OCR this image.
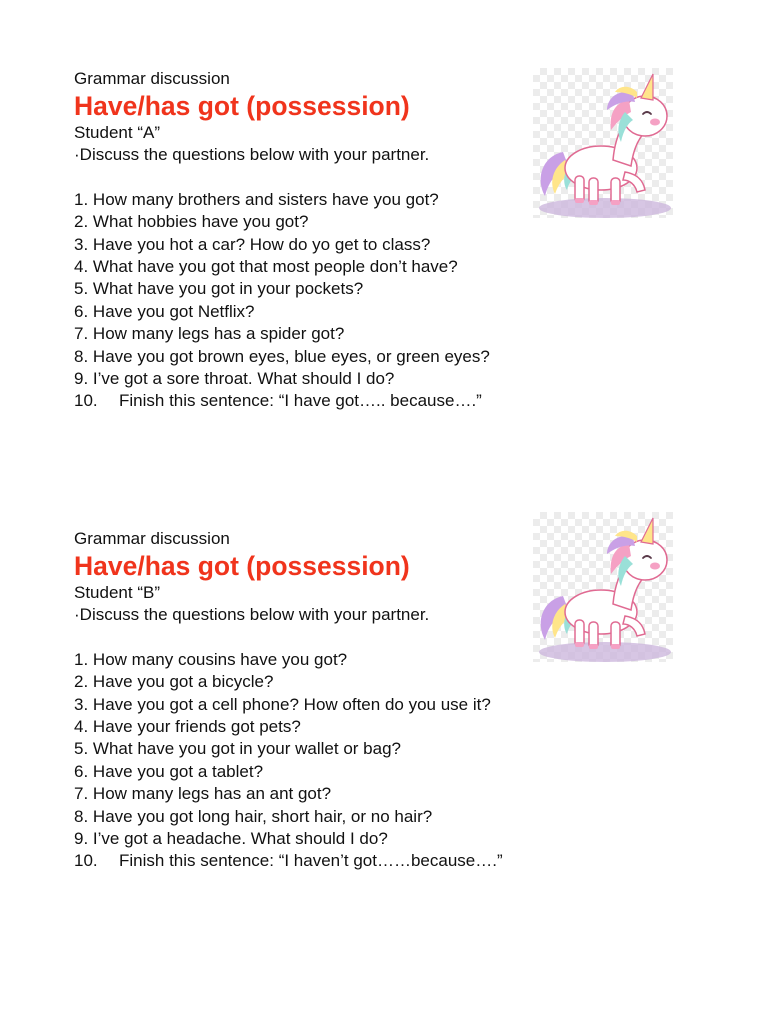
Grammar discussion
Have/has got (possession)
Student “A”
·Discuss the questions below with your partner.
1. How many brothers and sisters have you got?
2. What hobbies have you got?
3. Have you hot a car? How do yo get to class?
4. What have you got that most people don’t have?
5. What have you got in your pockets?
6. Have you got Netflix?
7. How many legs has a spider got?
8. Have you got brown eyes, blue eyes, or green eyes?
9. I’ve got a sore throat. What should I do?
10. Finish this sentence: “I have got….. because….”
Grammar discussion
Have/has got (possession)
Student “B”
·Discuss the questions below with your partner.
1. How many cousins have you got?
2. Have you got a bicycle?
3. Have you got a cell phone? How often do you use it?
4. Have your friends got pets?
5. What have you got in your wallet or bag?
6. Have you got a tablet?
7. How many legs has an ant got?
8. Have you got long hair, short hair, or no hair?
9. I’ve got a headache. What should I do?
10. Finish this sentence: “I haven’t got……because….”
